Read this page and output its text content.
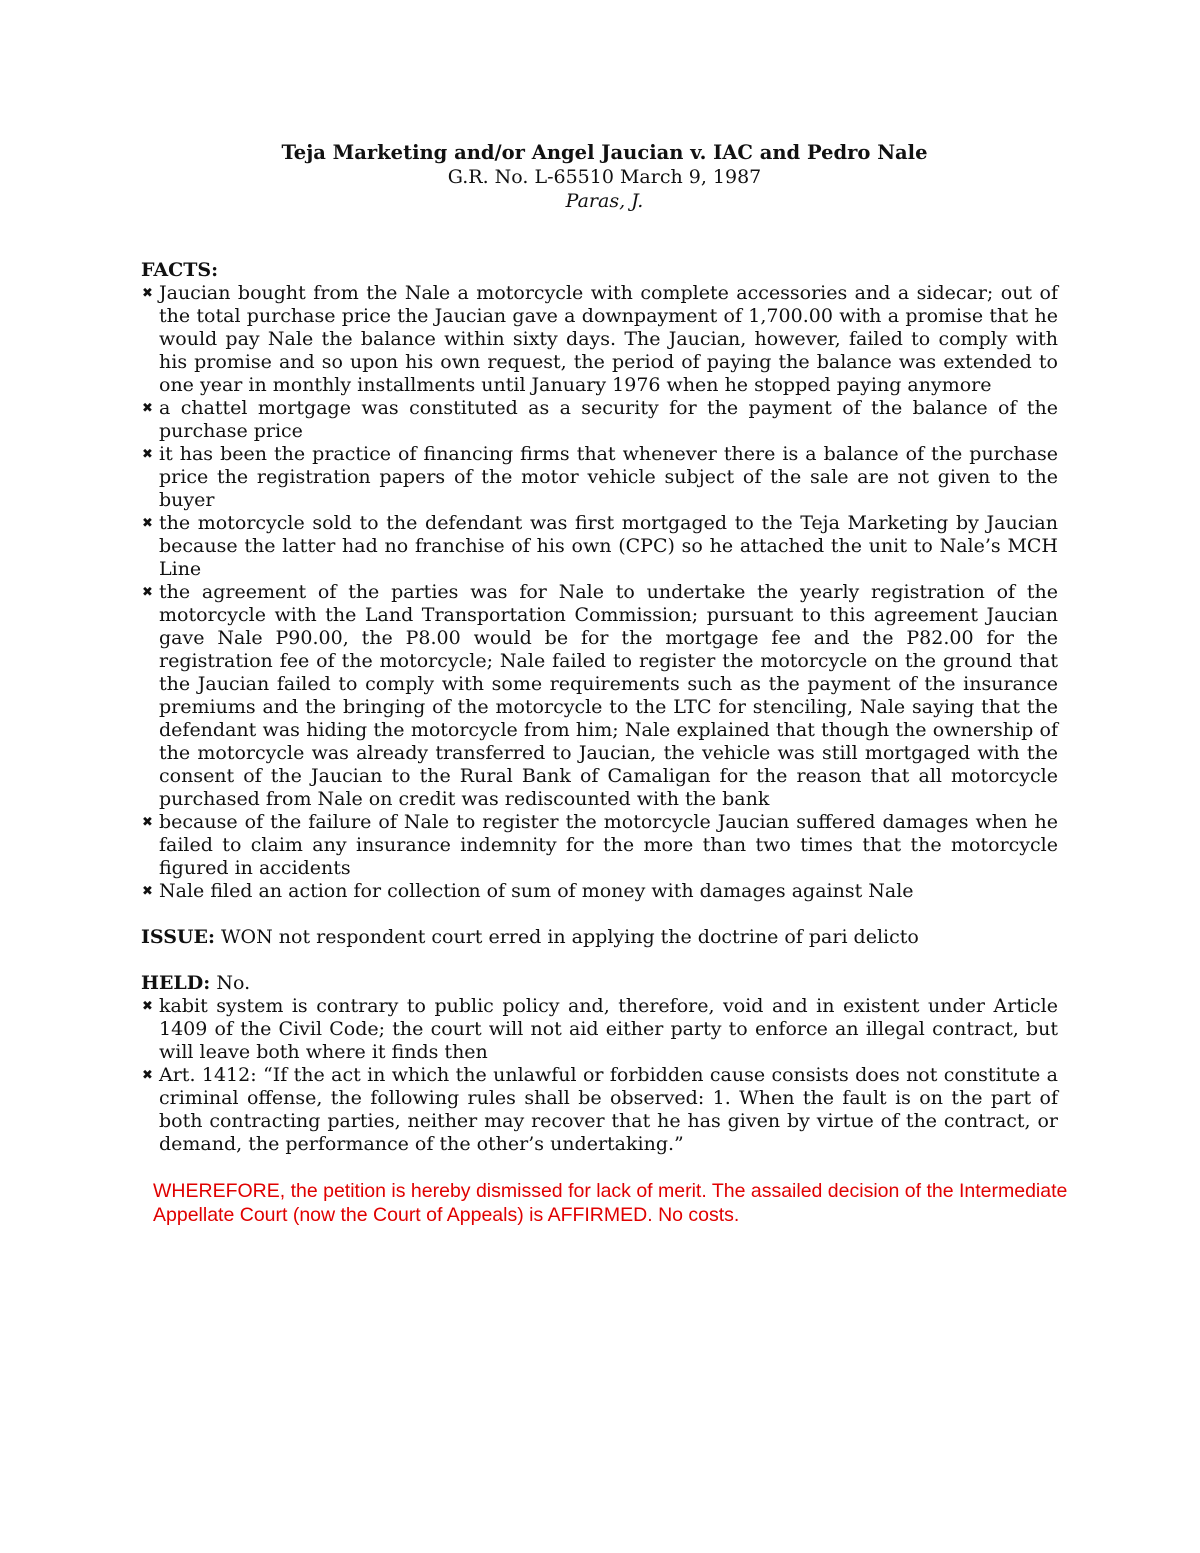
Teja Marketing and/or Angel Jaucian v. IAC and Pedro Nale
G.R. No. L-65510 March 9, 1987
Paras, J.
FACTS:
✖ Jaucian bought from the Nale a motorcycle with complete accessories and a sidecar; out of the total purchase price the Jaucian gave a downpayment of 1,700.00 with a promise that he would pay Nale the balance within sixty days. The Jaucian, however, failed to comply with his promise and so upon his own request, the period of paying the balance was extended to one year in monthly installments until January 1976 when he stopped paying anymore
✖ a chattel mortgage was constituted as a security for the payment of the balance of the purchase price
✖ it has been the practice of financing firms that whenever there is a balance of the purchase price the registration papers of the motor vehicle subject of the sale are not given to the buyer
✖ the motorcycle sold to the defendant was first mortgaged to the Teja Marketing by Jaucian because the latter had no franchise of his own (CPC) so he attached the unit to Nale’s MCH Line
✖ the agreement of the parties was for Nale to undertake the yearly registration of the motorcycle with the Land Transportation Commission; pursuant to this agreement Jaucian gave Nale P90.00, the P8.00 would be for the mortgage fee and the P82.00 for the registration fee of the motorcycle; Nale failed to register the motorcycle on the ground that the Jaucian failed to comply with some requirements such as the payment of the insurance premiums and the bringing of the motorcycle to the LTC for stenciling, Nale saying that the defendant was hiding the motorcycle from him; Nale explained that though the ownership of the motorcycle was already transferred to Jaucian, the vehicle was still mortgaged with the consent of the Jaucian to the Rural Bank of Camaligan for the reason that all motorcycle purchased from Nale on credit was rediscounted with the bank
✖ because of the failure of Nale to register the motorcycle Jaucian suffered damages when he failed to claim any insurance indemnity for the more than two times that the motorcycle figured in accidents
✖ Nale filed an action for collection of sum of money with damages against Nale

ISSUE: WON not respondent court erred in applying the doctrine of pari delicto

HELD: No.

✖ kabit system is contrary to public policy and, therefore, void and in existent under Article 1409 of the Civil Code; the court will not aid either party to enforce an illegal contract, but will leave both where it finds then
✖ Art. 1412: “If the act in which the unlawful or forbidden cause consists does not constitute a criminal offense, the following rules shall be observed: 1. When the fault is on the part of both contracting parties, neither may recover that he has given by virtue of the contract, or demand, the performance of the other’s undertaking.”
WHEREFORE, the petition is hereby dismissed for lack of merit. The assailed decision of the Intermediate Appellate Court (now the Court of Appeals) is AFFIRMED. No costs.
